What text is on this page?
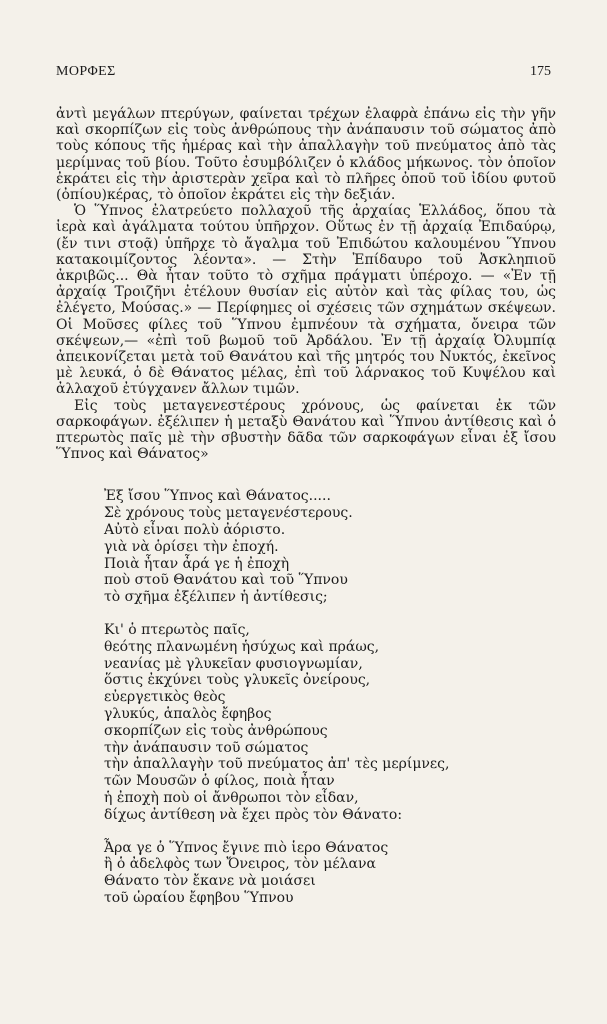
ΜΟΡΦΕΣ	175

ἀντὶ μεγάλων πτερύγων, φαίνεται τρέχων ἐλαφρὰ ἐπάνω εἰς τὴν γῆν καὶ σκορπίζων εἰς τοὺς ἀνθρώπους τὴν ἀνάπαυσιν τοῦ σώματος ἀπὸ τοὺς κόπους τῆς ἡμέρας καὶ τὴν ἀπαλλαγὴν τοῦ πνεύματος ἀπὸ τὰς μερίμνας τοῦ βίου. Τοῦτο ἐσυμβόλιζεν ὁ κλάδος μήκωνος. τὸν ὁποῖον ἐκράτει εἰς τὴν ἀριστερὰν χεῖρα καὶ τὸ πλῆρες ὀποῦ τοῦ ἰδίου φυτοῦ (ὀπίου)κέρας, τὸ ὁποῖον ἐκράτει εἰς τὴν δεξιάν.

Ὁ Ὕπνος ἐλατρεύετο πολλαχοῦ τῆς ἀρχαίας Ἑλλάδος, ὅπου τὰ ἱερὰ καὶ ἀγάλματα τούτου ὑπῆρχον. Οὕτως ἐν τῇ ἀρχαίᾳ Ἐπιδαύρῳ, (ἔν τινι στοᾷ) ὑπῆρχε τὸ ἄγαλμα τοῦ Ἐπιδώτου καλουμένου Ὕπνου κατακοιμίζοντος λέοντα». — Στὴν Ἐπίδαυρο τοῦ Ἀσκληπιοῦ ἀκριβῶς... Θὰ ἦταν τοῦτο τὸ σχῆμα πράγματι ὑπέροχο. — «Ἐν τῇ ἀρχαίᾳ Τροιζῆνι ἐτέλουν θυσίαν εἰς αὐτὸν καὶ τὰς φίλας του, ὡς ἐλέγετο, Μούσας.» — Περίφημες οἱ σχέσεις τῶν σχημάτων σκέψεων. Οἱ Μοῦσες φίλες τοῦ Ὕπνου ἐμπνέουν τὰ σχήματα, ὄνειρα τῶν σκέψεων,— «ἐπὶ τοῦ βωμοῦ τοῦ Ἀρδάλου. Ἐν τῇ ἀρχαίᾳ Ὀλυμπίᾳ ἀπεικονίζεται μετὰ τοῦ Θανάτου καὶ τῆς μητρός του Νυκτός, ἐκεῖνος μὲ λευκά, ὁ δὲ Θάνατος μέλας, ἐπὶ τοῦ λάρνακος τοῦ Κυψέλου καὶ ἀλλαχοῦ ἐτύγχανεν ἄλλων τιμῶν.

Εἰς τοὺς μεταγενεστέρους χρόνους, ὡς φαίνεται ἐκ τῶν σαρκοφάγων. ἐξέλιπεν ἡ μεταξὺ Θανάτου καὶ Ὕπνου ἀντίθεσις καὶ ὁ πτερωτὸς παῖς μὲ τὴν σβυστὴν δᾶδα τῶν σαρκοφάγων εἶναι ἐξ ἴσου Ὕπνος καὶ Θάνατος»

Ἐξ ἴσου Ὕπνος καὶ Θάνατος.....
Σὲ χρόνους τοὺς μεταγενέστερους.
Αὐτὸ εἶναι πολὺ ἀόριστο.
γιὰ νὰ ὁρίσει τὴν ἐποχή.
Ποιὰ ἦταν ἆρά γε ἡ ἐποχὴ
ποὺ στοῦ Θανάτου καὶ τοῦ Ὕπνου
τὸ σχῆμα ἐξέλιπεν ἡ ἀντίθεσις;
Κι' ὁ πτερωτὸς παῖς,
θεότης πλανωμένη ἡσύχως καὶ πράως,
νεανίας μὲ γλυκεῖαν φυσιογνωμίαν,
ὅστις ἐκχύνει τοὺς γλυκεῖς ὀνείρους,
εὐεργετικὸς θεὸς
γλυκύς, ἁπαλὸς ἔφηβος
σκορπίζων εἰς τοὺς ἀνθρώπους
τὴν ἀνάπαυσιν τοῦ σώματος
τὴν ἀπαλλαγὴν τοῦ πνεύματος ἀπ' τὲς μερίμνες,
τῶν Μουσῶν ὁ φίλος, ποιὰ ἦταν
ἡ ἐποχὴ ποὺ οἱ ἄνθρωποι τὸν εἶδαν,
δίχως ἀντίθεση νὰ ἔχει πρὸς τὸν Θάνατο:
Ἆρα γε ὁ Ὕπνος ἔγινε πιὸ ἱερο Θάνατος
ἢ ὁ ἀδελφὸς των Ὄνειρος, τὸν μέλανα
Θάνατο τὸν ἔκανε νὰ μοιάσει
τοῦ ὡραίου ἔφηβου Ὕπνου
